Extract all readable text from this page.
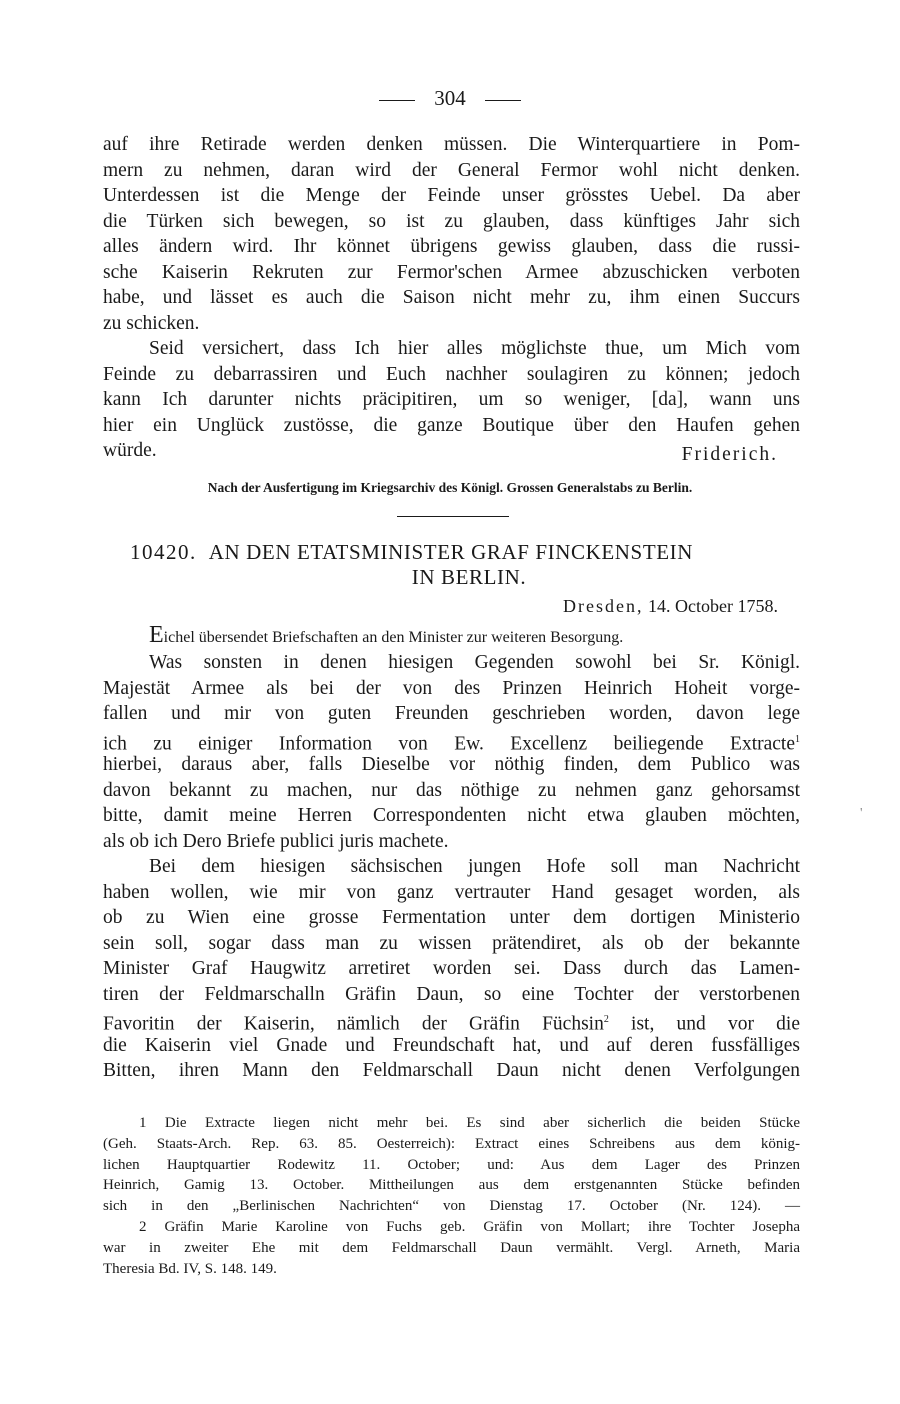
304
auf ihre Retirade werden denken müssen. Die Winterquartiere in Pom-
mern zu nehmen, daran wird der General Fermor wohl nicht denken.
Unterdessen ist die Menge der Feinde unser grösstes Uebel. Da aber
die Türken sich bewegen, so ist zu glauben, dass künftiges Jahr sich
alles ändern wird. Ihr könnet übrigens gewiss glauben, dass die russi-
sche Kaiserin Rekruten zur Fermor'schen Armee abzuschicken verboten
habe, und lässet es auch die Saison nicht mehr zu, ihm einen Succurs
zu schicken.
Seid versichert, dass Ich hier alles möglichste thue, um Mich vom
Feinde zu debarrassiren und Euch nachher soulagiren zu können; jedoch
kann Ich darunter nichts präcipitiren, um so weniger, [da], wann uns
hier ein Unglück zustösse, die ganze Boutique über den Haufen gehen
würde.	Friderich.
Nach der Ausfertigung im Kriegsarchiv des Königl. Grossen Generalstabs zu Berlin.
10420. AN DEN ETATSMINISTER GRAF FINCKENSTEIN
IN BERLIN.
Dresden, 14. October 1758.
Eichel übersendet Briefschaften an den Minister zur weiteren Besorgung.
Was sonsten in denen hiesigen Gegenden sowohl bei Sr. Königl.
Majestät Armee als bei der von des Prinzen Heinrich Hoheit vorge-
fallen und mir von guten Freunden geschrieben worden, davon lege
ich zu einiger Information von Ew. Excellenz beiliegende Extracte$^1$
hierbei, daraus aber, falls Dieselbe vor nöthig finden, dem Publico was
davon bekannt zu machen, nur das nöthige zu nehmen ganz gehorsamst
bitte, damit meine Herren Correspondenten nicht etwa glauben möchten,
als ob ich Dero Briefe publici juris machete.
Bei dem hiesigen sächsischen jungen Hofe soll man Nachricht
haben wollen, wie mir von ganz vertrauter Hand gesaget worden, als
ob zu Wien eine grosse Fermentation unter dem dortigen Ministerio
sein soll, sogar dass man zu wissen prätendiret, als ob der bekannte
Minister Graf Haugwitz arretiret worden sei. Dass durch das Lamen-
tiren der Feldmarschalln Gräfin Daun, so eine Tochter der verstorbenen
Favoritin der Kaiserin, nämlich der Gräfin Füchsin$^2$ ist, und vor die
die Kaiserin viel Gnade und Freundschaft hat, und auf deren fussfälliges
Bitten, ihren Mann den Feldmarschall Daun nicht denen Verfolgungen
'
1 Die Extracte liegen nicht mehr bei. Es sind aber sicherlich die beiden Stücke
(Geh. Staats-Arch. Rep. 63. 85. Oesterreich): Extract eines Schreibens aus dem könig-
lichen Hauptquartier Rodewitz 11. October; und: Aus dem Lager des Prinzen
Heinrich, Gamig 13. October. Mittheilungen aus dem erstgenannten Stücke befinden
sich in den „Berlinischen Nachrichten“ von Dienstag 17. October (Nr. 124). —
2 Gräfin Marie Karoline von Fuchs geb. Gräfin von Mollart; ihre Tochter Josepha
war in zweiter Ehe mit dem Feldmarschall Daun vermählt. Vergl. Arneth, Maria
Theresia Bd. IV, S. 148. 149.
